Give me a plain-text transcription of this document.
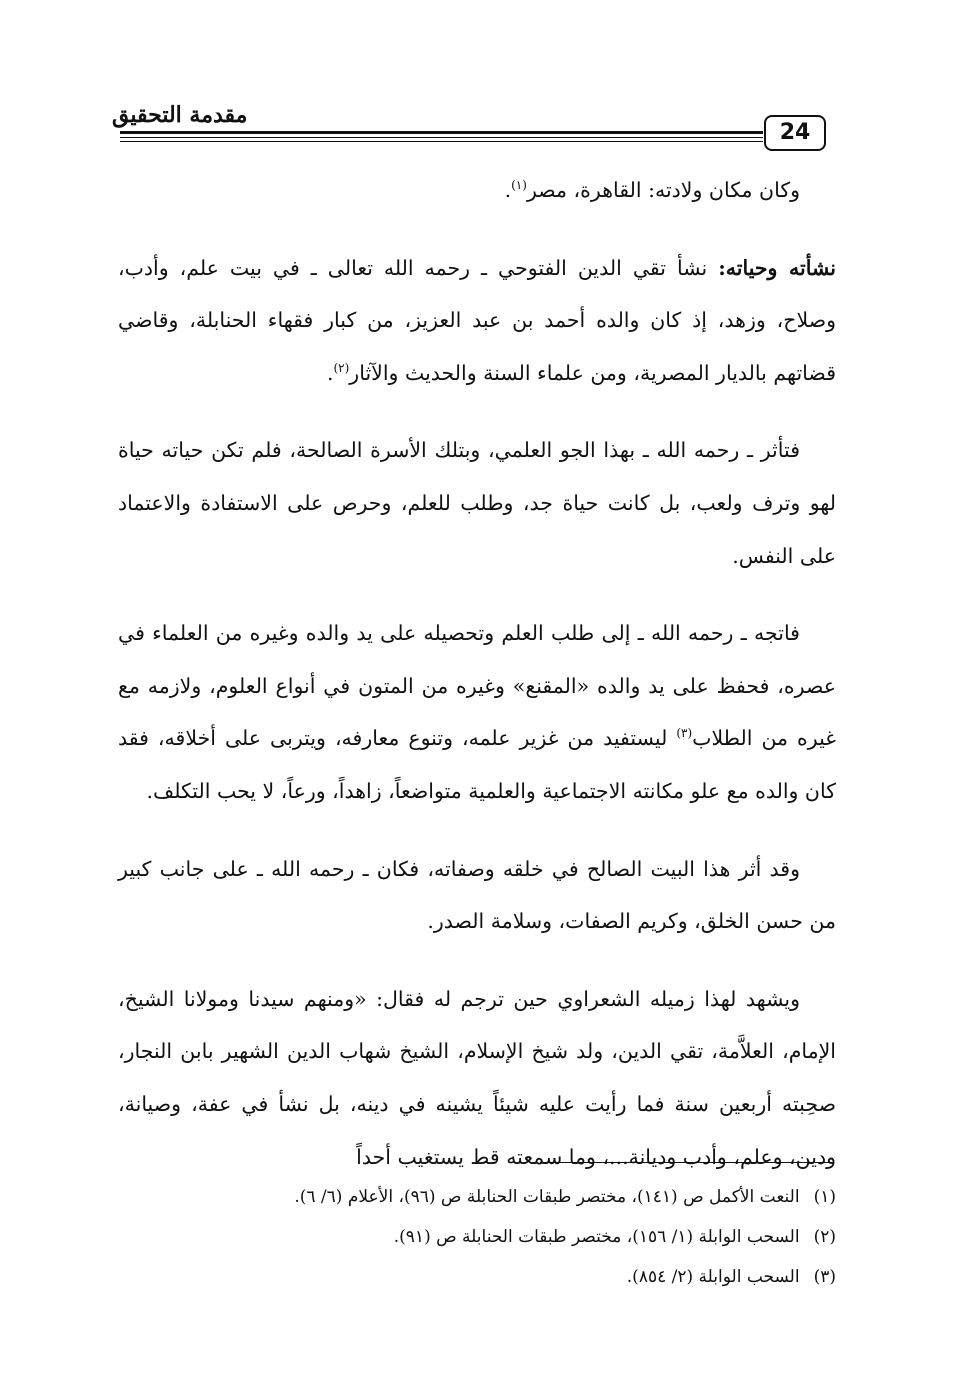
مقدمة التحقيق
24

وكان مكان ولادته: القاهرة، مصر$^{(١)}$.

نشأته وحياته: نشأ تقي الدين الفتوحي ـ رحمه الله تعالى ـ في بيت علم، وأدب، وصلاح، وزهد، إذ كان والده أحمد بن عبد العزيز، من كبار فقهاء الحنابلة، وقاضي قضاتهم بالديار المصرية، ومن علماء السنة والحديث والآثار$^{(٢)}$.

فتأثر ـ رحمه الله ـ بهذا الجو العلمي، وبتلك الأسرة الصالحة، فلم تكن حياته حياة لهو وترف ولعب، بل كانت حياة جد، وطلب للعلم، وحرص على الاستفادة والاعتماد على النفس.

فاتجه ـ رحمه الله ـ إلى طلب العلم وتحصيله على يد والده وغيره من العلماء في عصره، فحفظ على يد والده «المقنع» وغيره من المتون في أنواع العلوم، ولازمه مع غيره من الطلاب$^{(٣)}$ ليستفيد من غزير علمه، وتنوع معارفه، ويتربى على أخلاقه، فقد كان والده مع علو مكانته الاجتماعية والعلمية متواضعاً، زاهداً، ورعاً، لا يحب التكلف.

وقد أثر هذا البيت الصالح في خلقه وصفاته، فكان ـ رحمه الله ـ على جانب كبير من حسن الخلق، وكريم الصفات، وسلامة الصدر.

ويشهد لهذا زميله الشعراوي حين ترجم له فقال: «ومنهم سيدنا ومولانا الشيخ، الإمام، العلاَّمة، تقي الدين، ولد شيخ الإسلام، الشيخ شهاب الدين الشهير بابن النجار، صحِبته أربعين سنة فما رأيت عليه شيئاً يشينه في دينه، بل نشأ في عفة، وصيانة، ودين، وعلم، وأدب وديانة...، وما سمعته قط يستغيب أحداً

(١)النعت الأكمل ص (١٤١)، مختصر طبقات الحنابلة ص (٩٦)، الأعلام (٦/ ٦).
(٢)السحب الوابلة (١/ ١٥٦)، مختصر طبقات الحنابلة ص (٩١).
(٣)السحب الوابلة (٢/ ٨٥٤).
